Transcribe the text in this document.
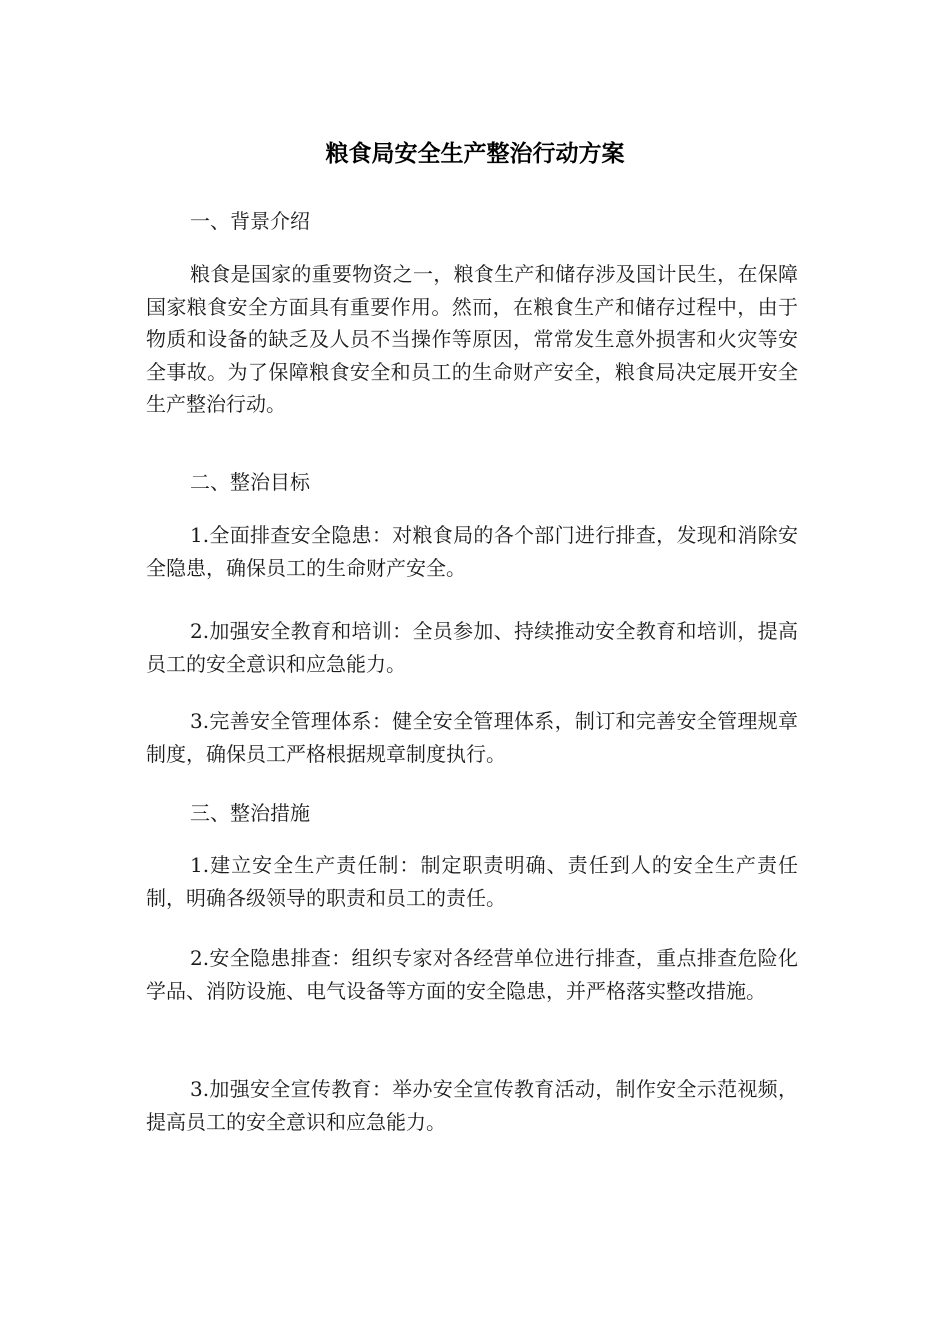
粮食局安全生产整治行动方案

一、背景介绍

粮食是国家的重要物资之一，粮食生产和储存涉及国计民生，在保障国家粮食安全方面具有重要作用。然而，在粮食生产和储存过程中，由于物质和设备的缺乏及人员不当操作等原因，常常发生意外损害和火灾等安全事故。为了保障粮食安全和员工的生命财产安全，粮食局决定展开安全生产整治行动。

二、整治目标

1.全面排查安全隐患：对粮食局的各个部门进行排查，发现和消除安全隐患，确保员工的生命财产安全。

2.加强安全教育和培训：全员参加、持续推动安全教育和培训，提高员工的安全意识和应急能力。

3.完善安全管理体系：健全安全管理体系，制订和完善安全管理规章制度，确保员工严格根据规章制度执行。

三、整治措施

1.建立安全生产责任制：制定职责明确、责任到人的安全生产责任制，明确各级领导的职责和员工的责任。

2.安全隐患排查：组织专家对各经营单位进行排查，重点排查危险化学品、消防设施、电气设备等方面的安全隐患，并严格落实整改措施。

3.加强安全宣传教育：举办安全宣传教育活动，制作安全示范视频，提高员工的安全意识和应急能力。
